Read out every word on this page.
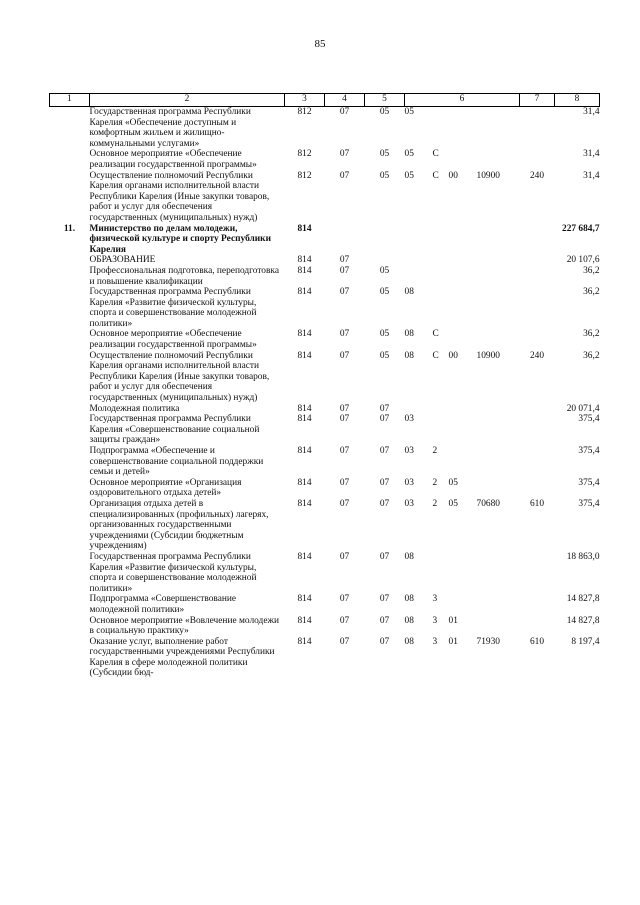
85
1	2	3	4	5	6	7	8
	Государственная программа Республики Карелия «Обеспечение доступным и комфортным жильем и жилищно-коммунальными услугами»	812	07	05	05		31,4
	Основное мероприятие «Обеспечение реализации государственной программы»	812	07	05	05 С		31,4
	Осуществление полномочий Республики Карелия органами исполнительной власти Республики Карелия (Иные закупки товаров, работ и услуг для обеспечения государственных (муниципальных) нужд)	812	07	05	05 С 00 10900	240	31,4
11.	Министерство по делам молодежи, физической культуре и спорту Республики Карелия	814					227 684,7
	ОБРАЗОВАНИЕ	814	07				20 107,6
	Профессиональная подготовка, переподготовка и повышение квалификации	814	07	05			36,2
	Государственная программа Республики Карелия «Развитие физической культуры, спорта и совершенствование молодежной политики»	814	07	05	08		36,2
	Основное мероприятие «Обеспечение реализации государственной программы»	814	07	05	08 С		36,2
	Осуществление полномочий Республики Карелия органами исполнительной власти Республики Карелия (Иные закупки товаров, работ и услуг для обеспечения государственных (муниципальных) нужд)	814	07	05	08 С 00 10900	240	36,2
	Молодежная политика	814	07	07			20 071,4
	Государственная программа Республики Карелия «Совершенствование социальной защиты граждан»	814	07	07	03		375,4
	Подпрограмма «Обеспечение и совершенствование социальной поддержки семьи и детей»	814	07	07	03 2		375,4
	Основное мероприятие «Организация оздоровительного отдыха детей»	814	07	07	03 2 05		375,4
	Организация отдыха детей в специализированных (профильных) лагерях, организованных государственными учреждениями (Субсидии бюджетным учреждениям)	814	07	07	03 2 05 70680	610	375,4
	Государственная программа Республики Карелия «Развитие физической культуры, спорта и совершенствование молодежной политики»	814	07	07	08		18 863,0
	Подпрограмма «Совершенствование молодежной политики»	814	07	07	08 3		14 827,8
	Основное мероприятие «Вовлечение молодежи в социальную практику»	814	07	07	08 3 01		14 827,8
	Оказание услуг, выполнение работ государственными учреждениями Республики Карелия в сфере молодежной политики (Субсидии бюд-	814	07	07	08 3 01 71930	610	8 197,4
